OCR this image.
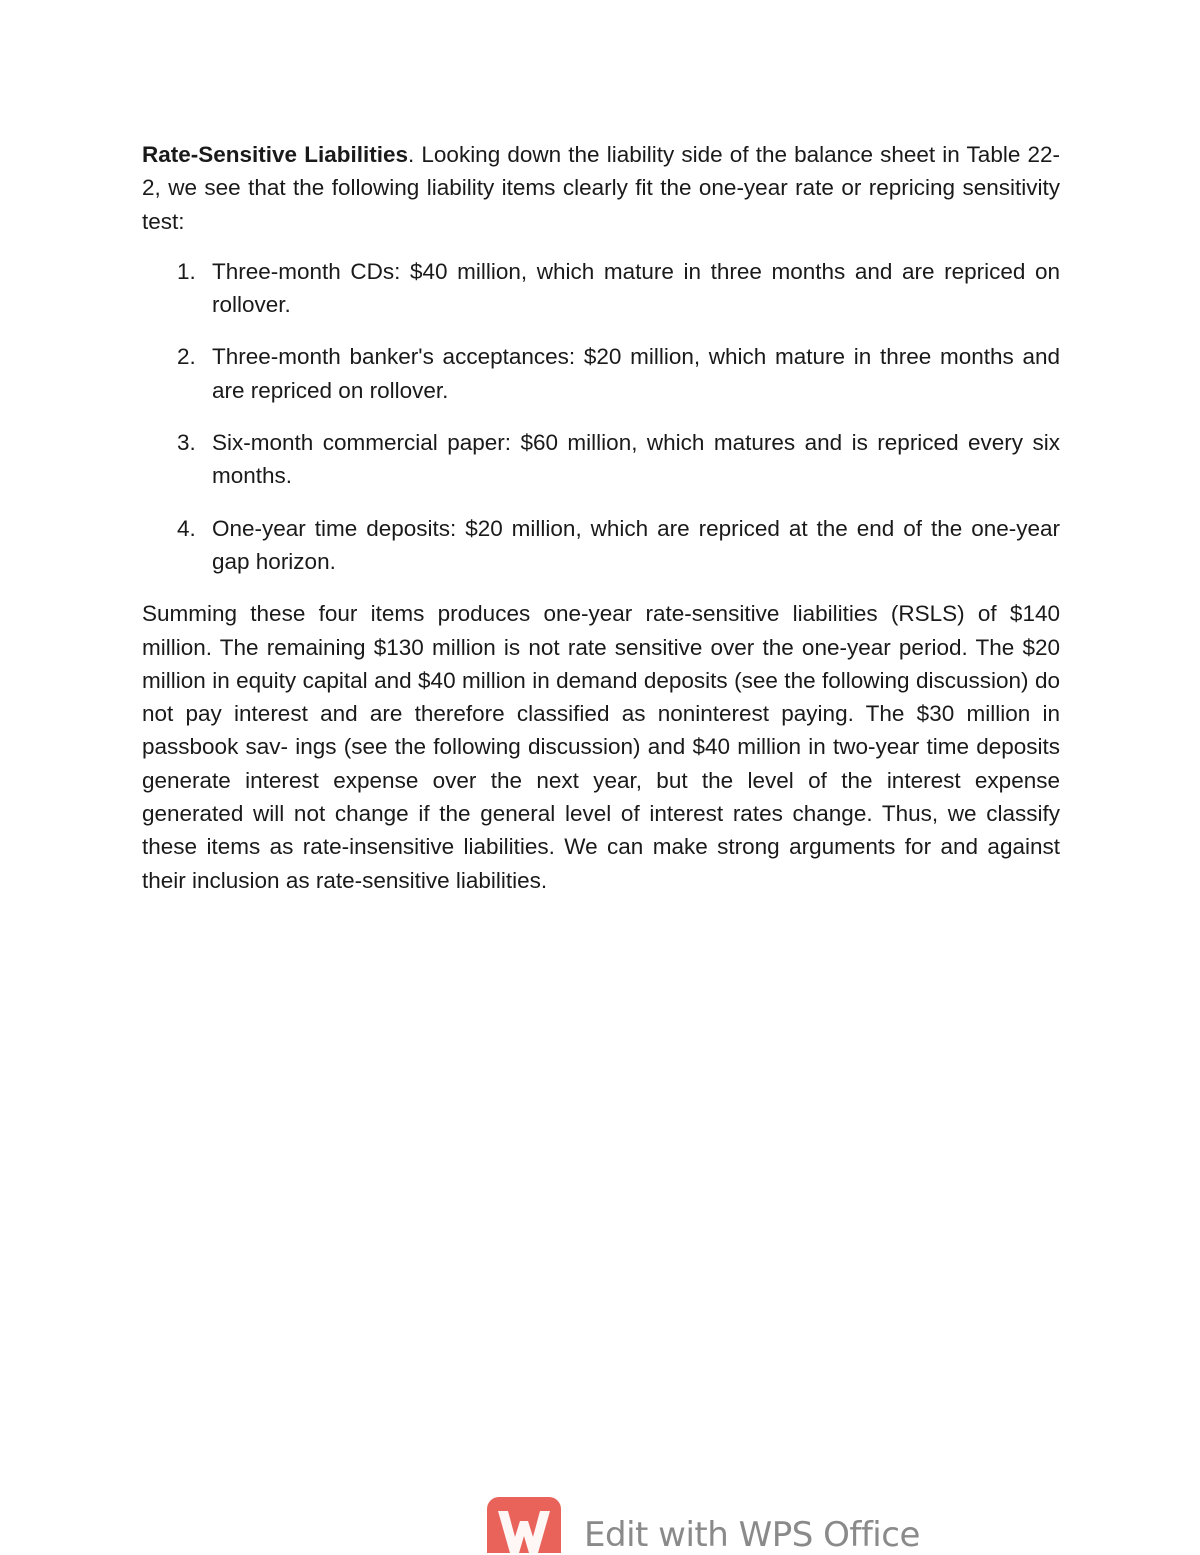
Rate-Sensitive Liabilities. Looking down the liability side of the balance sheet in Table 22-2, we see that the following liability items clearly fit the one-year rate or repricing sensitivity test:

1. Three-month CDs: $40 million, which mature in three months and are repriced on rollover.
2. Three-month banker's acceptances: $20 million, which mature in three months and are repriced on rollover.
3. Six-month commercial paper: $60 million, which matures and is repriced every six months.
4. One-year time deposits: $20 million, which are repriced at the end of the one-year gap horizon.

Summing these four items produces one-year rate-sensitive liabilities (RSLS) of $140 million. The remaining $130 million is not rate sensitive over the one-year period. The $20 million in equity capital and $40 million in demand deposits (see the following discussion) do not pay interest and are therefore classified as noninterest paying. The $30 million in passbook sav- ings (see the following discussion) and $40 million in two-year time deposits generate interest expense over the next year, but the level of the interest expense generated will not change if the general level of interest rates change. Thus, we classify these items as rate-insensitive liabilities. We can make strong arguments for and against their inclusion as rate-sensitive liabilities.

Edit with WPS Office
